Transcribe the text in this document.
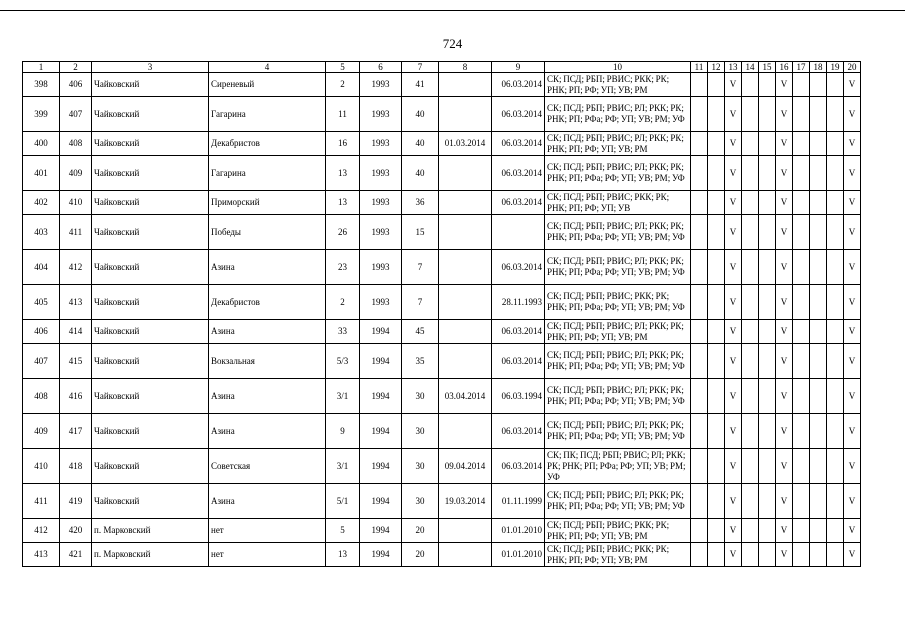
724
1	2	3	4	5	6	7	8	9	10	11	12	13	14	15	16	17	18	19	20
398	406	Чайковский	Сиреневый	2	1993	41		06.03.2014	СК; ПСД; РБП; РВИС; РКК; РК; РНК; РП; РФ; УП; УВ; РМ			V			V				V
399	407	Чайковский	Гагарина	11	1993	40		06.03.2014	СК; ПСД; РБП; РВИС; РЛ; РКК; РК; РНК; РП; РФа; РФ; УП; УВ; РМ; УФ			V			V				V
400	408	Чайковский	Декабристов	16	1993	40	01.03.2014	06.03.2014	СК; ПСД; РБП; РВИС; РЛ; РКК; РК; РНК; РП; РФ; УП; УВ; РМ			V			V				V
401	409	Чайковский	Гагарина	13	1993	40		06.03.2014	СК; ПСД; РБП; РВИС; РЛ; РКК; РК; РНК; РП; РФа; РФ; УП; УВ; РМ; УФ			V			V				V
402	410	Чайковский	Приморский	13	1993	36		06.03.2014	СК; ПСД; РБП; РВИС; РКК; РК; РНК; РП; РФ; УП; УВ			V			V				V
403	411	Чайковский	Победы	26	1993	15			СК; ПСД; РБП; РВИС; РЛ; РКК; РК; РНК; РП; РФа; РФ; УП; УВ; РМ; УФ			V			V				V
404	412	Чайковский	Азина	23	1993	7		06.03.2014	СК; ПСД; РБП; РВИС; РЛ; РКК; РК; РНК; РП; РФа; РФ; УП; УВ; РМ; УФ			V			V				V
405	413	Чайковский	Декабристов	2	1993	7		28.11.1993	СК; ПСД; РБП; РВИС; РКК; РК; РНК; РП; РФа; РФ; УП; УВ; РМ; УФ			V			V				V
406	414	Чайковский	Азина	33	1994	45		06.03.2014	СК; ПСД; РБП; РВИС; РЛ; РКК; РК; РНК; РП; РФ; УП; УВ; РМ			V			V				V
407	415	Чайковский	Вокзальная	5/3	1994	35		06.03.2014	СК; ПСД; РБП; РВИС; РЛ; РКК; РК; РНК; РП; РФа; РФ; УП; УВ; РМ; УФ			V			V				V
408	416	Чайковский	Азина	3/1	1994	30	03.04.2014	06.03.1994	СК; ПСД; РБП; РВИС; РЛ; РКК; РК; РНК; РП; РФа; РФ; УП; УВ; РМ; УФ			V			V				V
409	417	Чайковский	Азина	9	1994	30		06.03.2014	СК; ПСД; РБП; РВИС; РЛ; РКК; РК; РНК; РП; РФа; РФ; УП; УВ; РМ; УФ			V			V				V
410	418	Чайковский	Советская	3/1	1994	30	09.04.2014	06.03.2014	СК; ПК; ПСД; РБП; РВИС; РЛ; РКК; РК; РНК; РП; РФа; РФ; УП; УВ; РМ; УФ			V			V				V
411	419	Чайковский	Азина	5/1	1994	30	19.03.2014	01.11.1999	СК; ПСД; РБП; РВИС; РЛ; РКК; РК; РНК; РП; РФа; РФ; УП; УВ; РМ; УФ			V			V				V
412	420	п. Марковский	нет	5	1994	20		01.01.2010	СК; ПСД; РБП; РВИС; РКК; РК; РНК; РП; РФ; УП; УВ; РМ			V			V				V
413	421	п. Марковский	нет	13	1994	20		01.01.2010	СК; ПСД; РБП; РВИС; РКК; РК; РНК; РП; РФ; УП; УВ; РМ			V			V				V
